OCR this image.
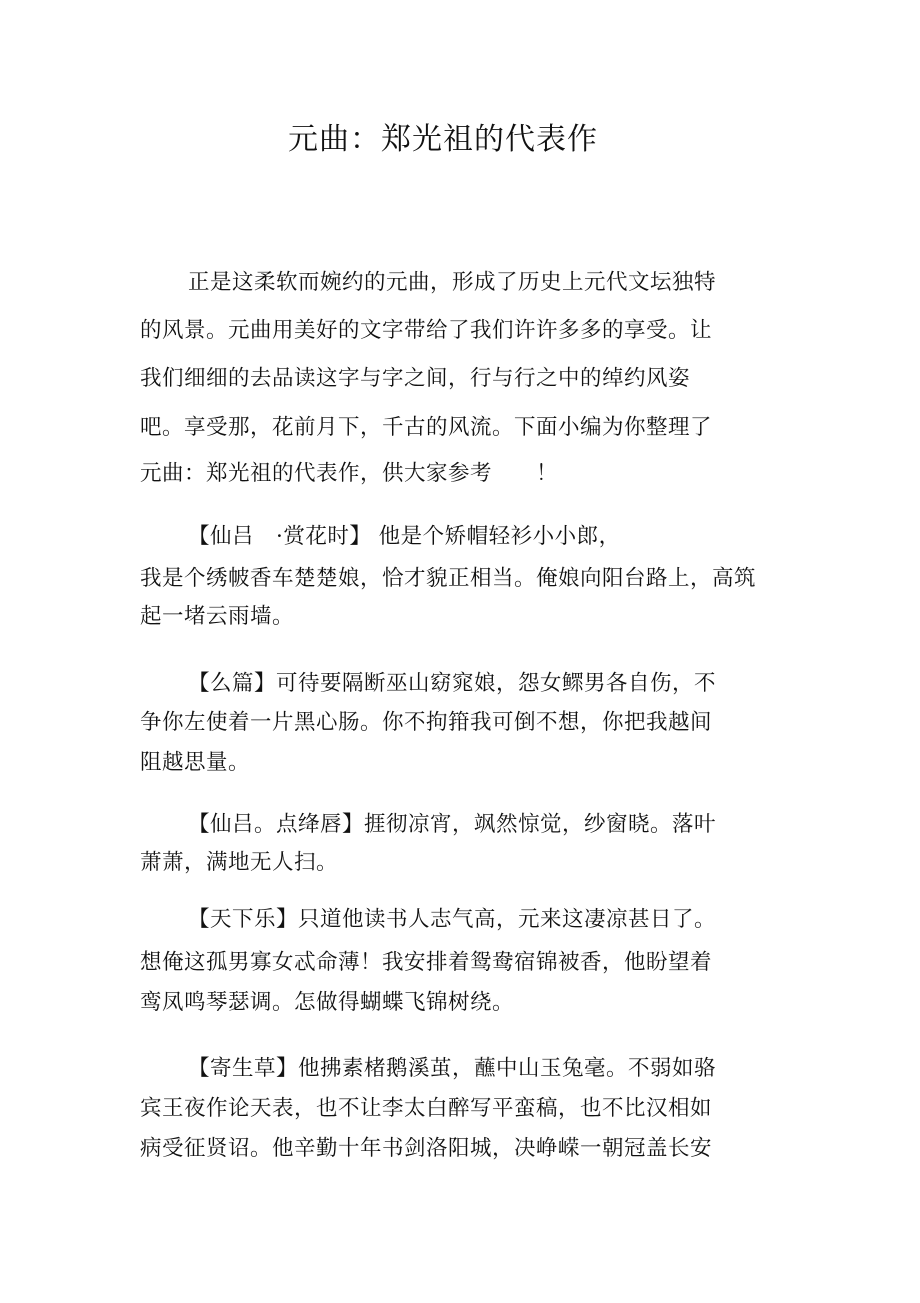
元曲：郑光祖的代表作
正是这柔软而婉约的元曲，形成了历史上元代文坛独特
的风景。元曲用美好的文字带给了我们许许多多的享受。让
我们细细的去品读这字与字之间，行与行之中的绰约风姿
吧。享受那，花前月下，千古的风流。下面小编为你整理了
元曲：郑光祖的代表作，供大家参考　　！
【仙吕　·赏花时】 他是个矫帽轻衫小小郎，
我是个绣帔香车楚楚娘，恰才貌正相当。俺娘向阳台路上，高筑
起一堵云雨墙。
【么篇】可待要隔断巫山窈窕娘，怨女鳏男各自伤，不
争你左使着一片黑心肠。你不拘箝我可倒不想，你把我越间
阻越思量。
【仙吕。点绛唇】捱彻凉宵，飒然惊觉，纱窗晓。落叶
萧萧，满地无人扫。
【天下乐】只道他读书人志气高，元来这凄凉甚日了。
想俺这孤男寡女忒命薄！我安排着鸳鸯宿锦被香，他盼望着
鸾凤鸣琴瑟调。怎做得蝴蝶飞锦树绕。
【寄生草】他拂素楮鹅溪茧，蘸中山玉兔毫。不弱如骆
宾王夜作论天表，也不让李太白醉写平蛮稿，也不比汉相如
病受征贤诏。他辛勤十年书剑洛阳城，决峥嵘一朝冠盖长安
